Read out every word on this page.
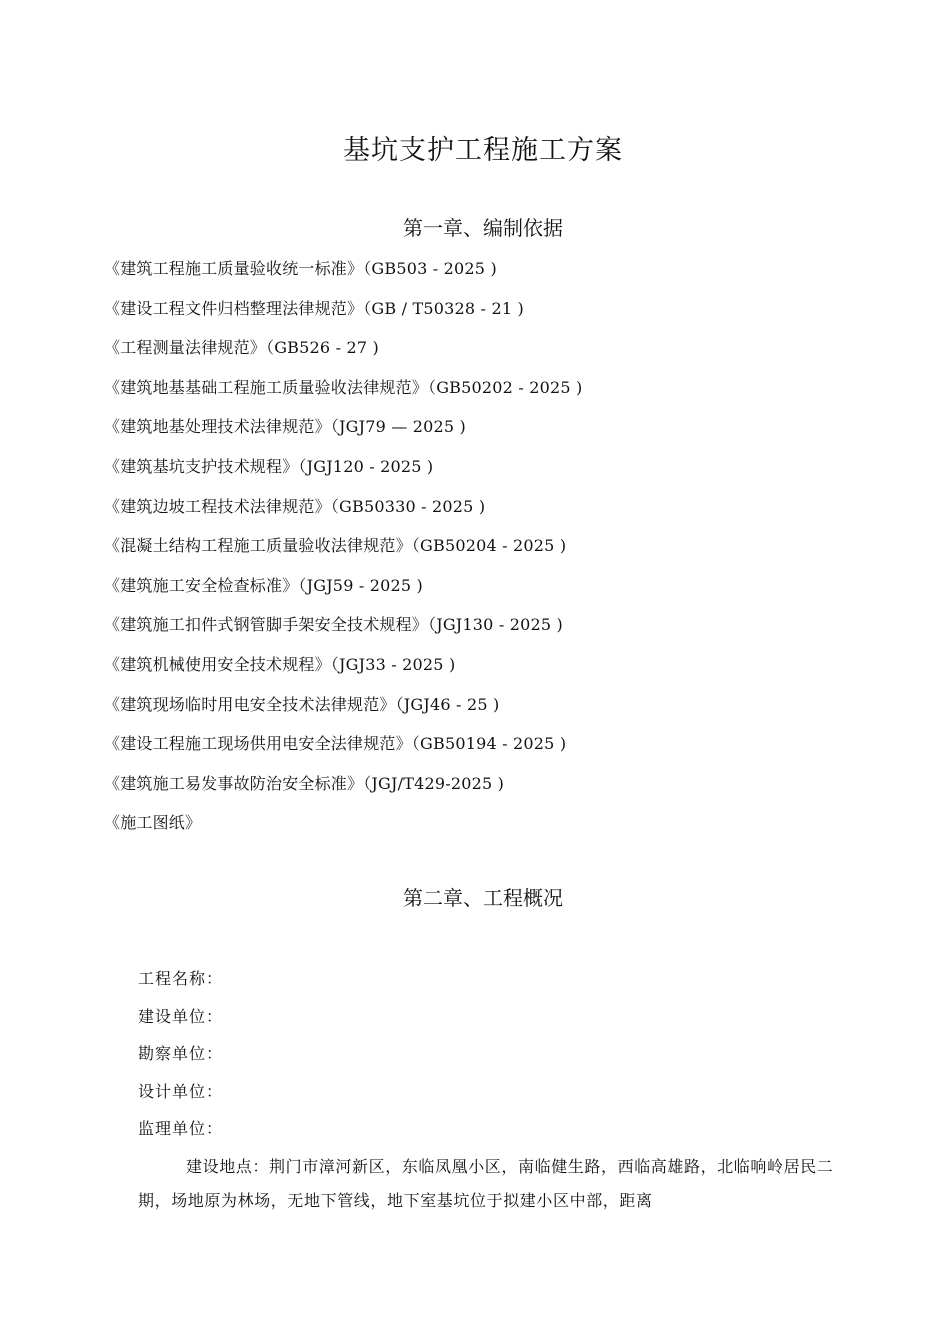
基坑支护工程施工方案
第一章、编制依据
《建筑工程施工质量验收统一标准》（GB503 - 2025 )
《建设工程文件归档整理法律规范》（GB / T50328 - 21 )
《工程测量法律规范》（GB526 - 27 )
《建筑地基基础工程施工质量验收法律规范》（GB50202 - 2025 )
《建筑地基处理技术法律规范》（JGJ79 — 2025 )
《建筑基坑支护技术规程》（JGJ120 - 2025 )
《建筑边坡工程技术法律规范》（GB50330 - 2025 )
《混凝土结构工程施工质量验收法律规范》（GB50204 - 2025 )
《建筑施工安全检查标准》（JGJ59 - 2025 )
《建筑施工扣件式钢管脚手架安全技术规程》（JGJ130 - 2025 )
《建筑机械使用安全技术规程》（JGJ33 - 2025 )
《建筑现场临时用电安全技术法律规范》（JGJ46 - 25 )
《建设工程施工现场供用电安全法律规范》（GB50194 - 2025 )
《建筑施工易发事故防治安全标准》（JGJ/T429-2025 )
《施工图纸》
第二章、工程概况
工程名称：
建设单位：
勘察单位：
设计单位：
监理单位：

建设地点：荆门市漳河新区，东临凤凰小区，南临健生路，西临高雄路，北临响岭居民二期，场地原为林场，无地下管线，地下室基坑位于拟建小区中部，距离
